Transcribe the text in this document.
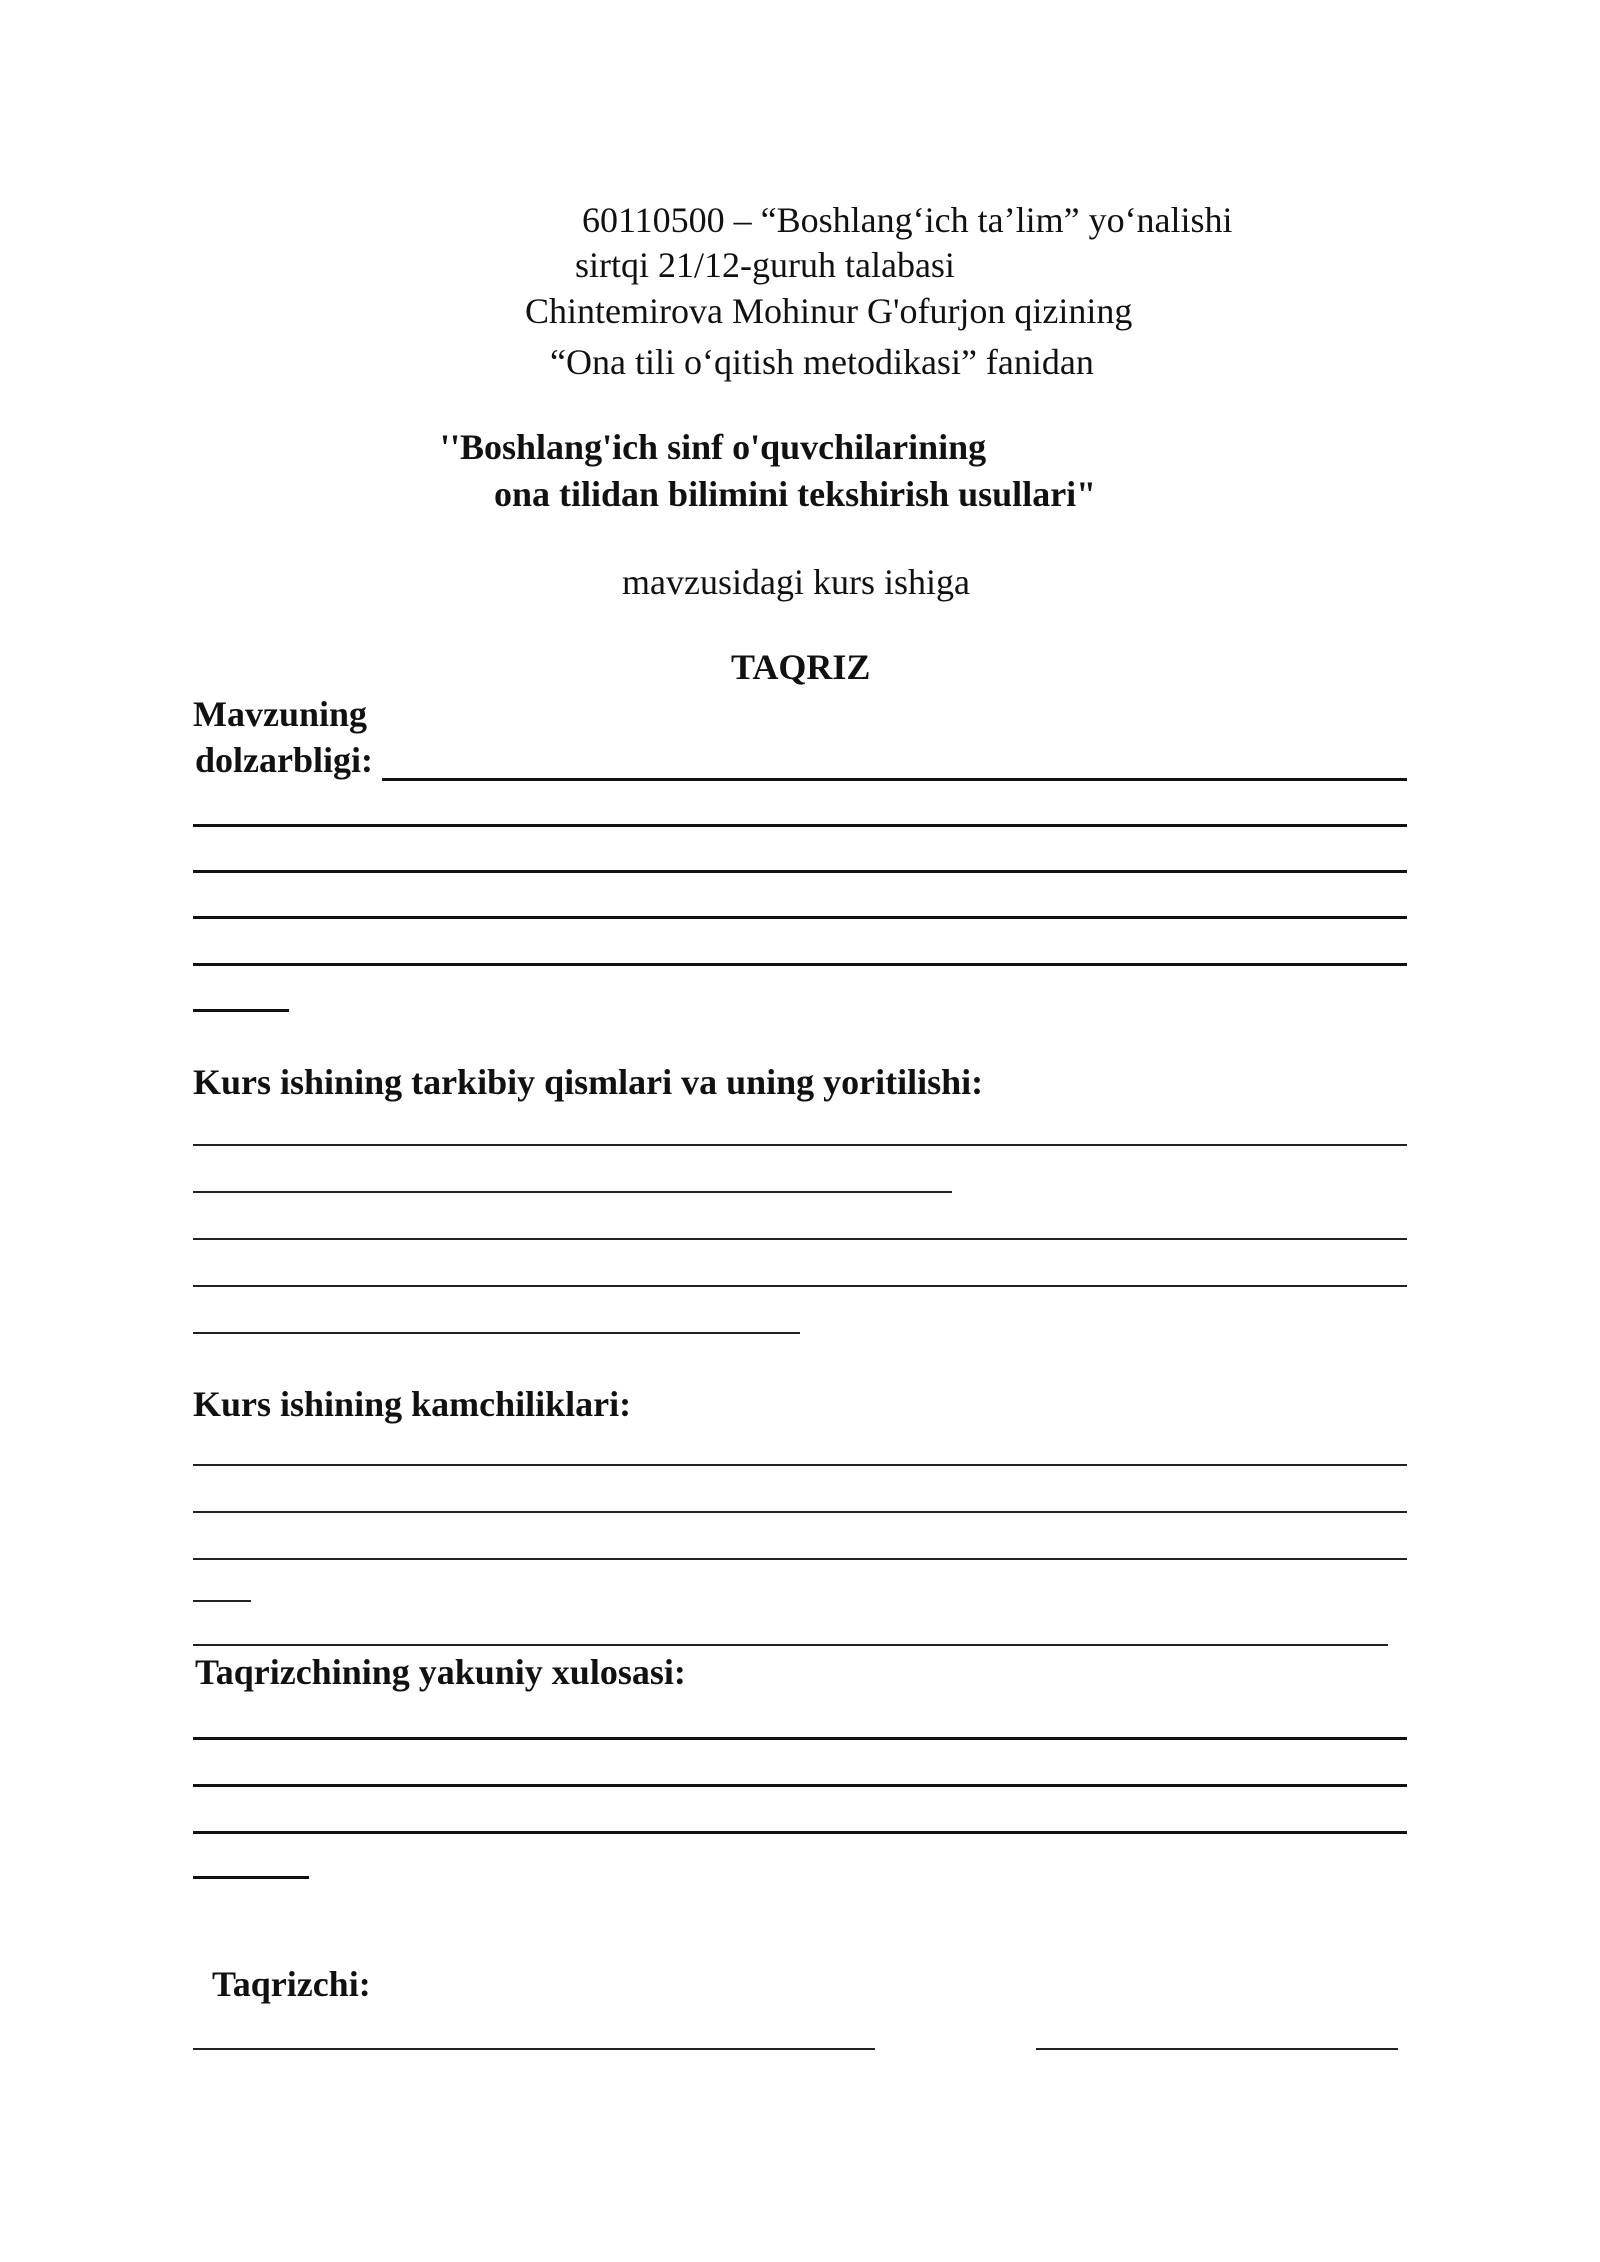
60110500 – “Boshlang‘ich ta’lim” yo‘nalishi
sirtqi 21/12-guruh talabasi
Chintemirova Mohinur G'ofurjon qizining
“Ona tili o‘qitish metodikasi” fanidan
''Boshlang'ich sinf o'quvchilarining
ona tilidan bilimini tekshirish usullari"
mavzusidagi kurs ishiga
TAQRIZ
Mavzuning
dolzarbligi:
Kurs ishining tarkibiy qismlari va uning yoritilishi:
Kurs ishining kamchiliklari:
Taqrizchining yakuniy xulosasi:
Taqrizchi:
